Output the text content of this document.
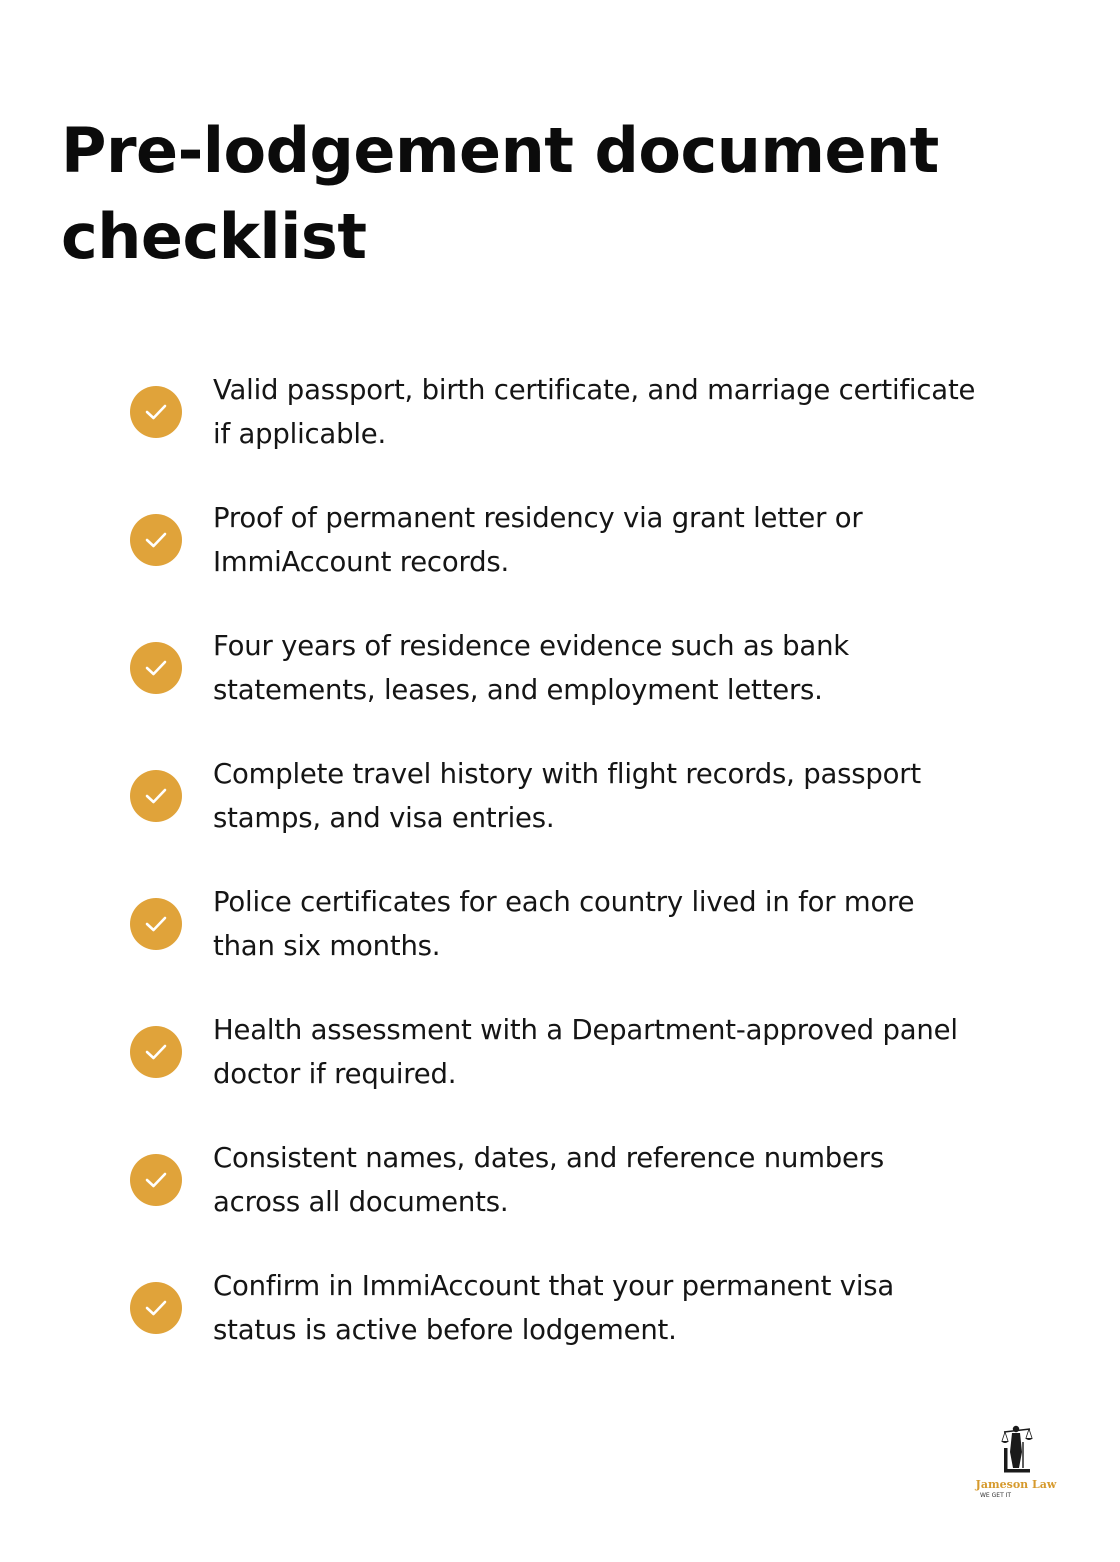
Pre-lodgement document
checklist
Valid passport, birth certificate, and marriage certificate
if applicable.
Proof of permanent residency via grant letter or
ImmiAccount records.
Four years of residence evidence such as bank
statements, leases, and employment letters.
Complete travel history with flight records, passport
stamps, and visa entries.
Police certificates for each country lived in for more
than six months.
Health assessment with a Department-approved panel
doctor if required.
Consistent names, dates, and reference numbers
across all documents.
Confirm in ImmiAccount that your permanent visa
status is active before lodgement.
Jameson Law
WE GET IT
